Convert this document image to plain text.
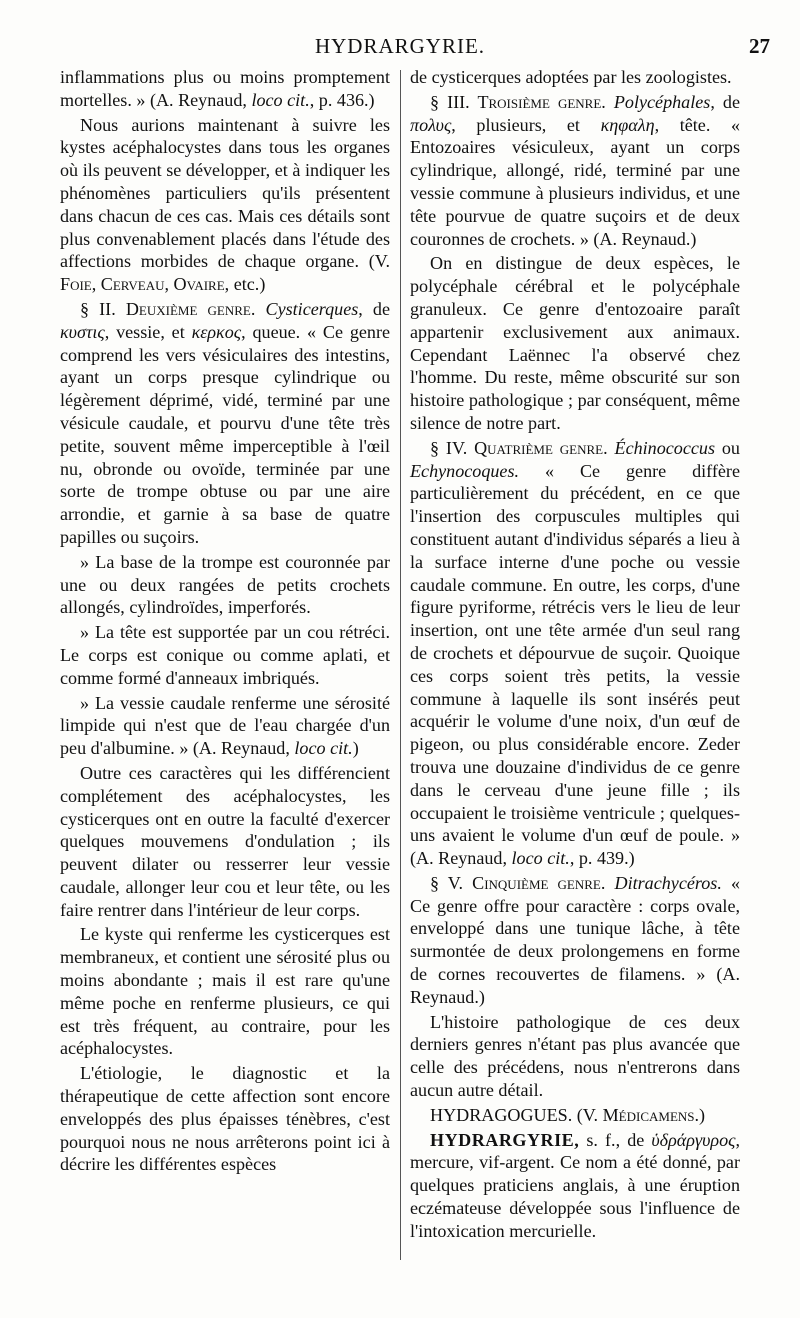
HYDRARGYRIE.	27

inflammations plus ou moins promptement mortelles. » (A. Reynaud, loco cit., p. 436.)

Nous aurions maintenant à suivre les kystes acéphalocystes dans tous les organes où ils peuvent se développer, et à indiquer les phénomènes particuliers qu'ils présentent dans chacun de ces cas. Mais ces détails sont plus convenablement placés dans l'étude des affections morbides de chaque organe. (V. Foie, Cerveau, Ovaire, etc.)

§ II. Deuxième genre. Cysticerques, de κυστις, vessie, et κερκος, queue. « Ce genre comprend les vers vésiculaires des intestins, ayant un corps presque cylindrique ou légèrement déprimé, vidé, terminé par une vésicule caudale, et pourvu d'une tête très petite, souvent même imperceptible à l'œil nu, obronde ou ovoïde, terminée par une sorte de trompe obtuse ou par une aire arrondie, et garnie à sa base de quatre papilles ou suçoirs.

» La base de la trompe est couronnée par une ou deux rangées de petits crochets allongés, cylindroïdes, imperforés.

» La tête est supportée par un cou rétréci. Le corps est conique ou comme aplati, et comme formé d'anneaux imbriqués.

» La vessie caudale renferme une sérosité limpide qui n'est que de l'eau chargée d'un peu d'albumine. » (A. Reynaud, loco cit.)

Outre ces caractères qui les différencient complétement des acéphalocystes, les cysticerques ont en outre la faculté d'exercer quelques mouvemens d'ondulation ; ils peuvent dilater ou resserrer leur vessie caudale, allonger leur cou et leur tête, ou les faire rentrer dans l'intérieur de leur corps.

Le kyste qui renferme les cysticerques est membraneux, et contient une sérosité plus ou moins abondante ; mais il est rare qu'une même poche en renferme plusieurs, ce qui est très fréquent, au contraire, pour les acéphalocystes.

L'étiologie, le diagnostic et la thérapeutique de cette affection sont encore enveloppés des plus épaisses ténèbres, c'est pourquoi nous ne nous arrêterons point ici à décrire les différentes espèces

de cysticerques adoptées par les zoologistes.

§ III. Troisième genre. Polycéphales, de πολυς, plusieurs, et κηφαλη, tête. « Entozoaires vésiculeux, ayant un corps cylindrique, allongé, ridé, terminé par une vessie commune à plusieurs individus, et une tête pourvue de quatre suçoirs et de deux couronnes de crochets. » (A. Reynaud.)

On en distingue de deux espèces, le polycéphale cérébral et le polycéphale granuleux. Ce genre d'entozoaire paraît appartenir exclusivement aux animaux. Cependant Laënnec l'a observé chez l'homme. Du reste, même obscurité sur son histoire pathologique ; par conséquent, même silence de notre part.

§ IV. Quatrième genre. Échinococcus ou Echynocoques. « Ce genre diffère particulièrement du précédent, en ce que l'insertion des corpuscules multiples qui constituent autant d'individus séparés a lieu à la surface interne d'une poche ou vessie caudale commune. En outre, les corps, d'une figure pyriforme, rétrécis vers le lieu de leur insertion, ont une tête armée d'un seul rang de crochets et dépourvue de suçoir. Quoique ces corps soient très petits, la vessie commune à laquelle ils sont insérés peut acquérir le volume d'une noix, d'un œuf de pigeon, ou plus considérable encore. Zeder trouva une douzaine d'individus de ce genre dans le cerveau d'une jeune fille ; ils occupaient le troisième ventricule ; quelques-uns avaient le volume d'un œuf de poule. » (A. Reynaud, loco cit., p. 439.)

§ V. Cinquième genre. Ditrachycéros. « Ce genre offre pour caractère : corps ovale, enveloppé dans une tunique lâche, à tête surmontée de deux prolongemens en forme de cornes recouvertes de filamens. » (A. Reynaud.)

L'histoire pathologique de ces deux derniers genres n'étant pas plus avancée que celle des précédens, nous n'entrerons dans aucun autre détail.

HYDRAGOGUES. (V. Médicamens.)

HYDRARGYRIE, s. f., de ὑδράργυρος, mercure, vif-argent. Ce nom a été donné, par quelques praticiens anglais, à une éruption eczémateuse développée sous l'influence de l'intoxication mercurielle.
